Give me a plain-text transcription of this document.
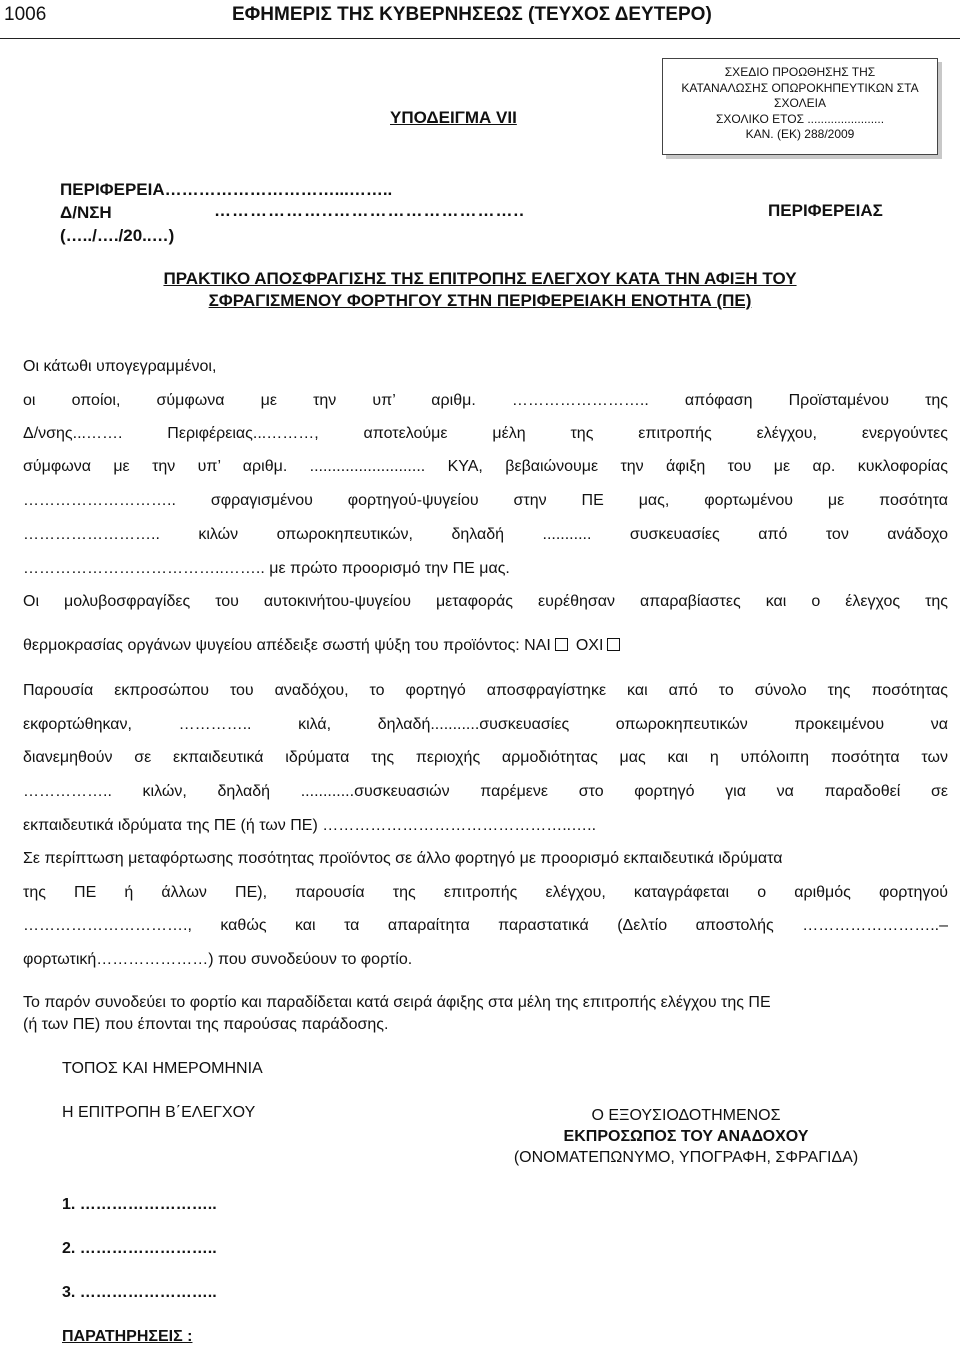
1006	ΕΦΗΜΕΡΙΣ ΤΗΣ ΚΥΒΕΡΝΗΣΕΩΣ (ΤΕΥΧΟΣ ΔΕΥΤΕΡΟ)
ΣΧΕΔΙΟ ΠΡΟΩΘΗΣΗΣ ΤΗΣ
ΚΑΤΑΝΑΛΩΣΗΣ ΟΠΩΡΟΚΗΠΕΥΤΙΚΩΝ ΣΤΑ
ΣΧΟΛΕΙΑ
ΣΧΟΛΙΚΟ ΕΤΟΣ .......................
ΚΑΝ. (ΕΚ) 288/2009
ΥΠΟΔΕΙΓΜΑ VII
ΠΕΡΙΦΕΡΕΙΑ…………………………...……..
Δ/ΝΣΗ
(…../…./20..…)
………………..…………………………..	ΠΕΡΙΦΕΡΕΙΑΣ
ΠΡΑΚΤΙΚΟ ΑΠΟΣΦΡΑΓΙΣΗΣ ΤΗΣ ΕΠΙΤΡΟΠΗΣ ΕΛΕΓΧΟΥ ΚΑΤΑ ΤΗΝ ΑΦΙΞΗ ΤΟΥ
ΣΦΡΑΓΙΣΜΕΝΟΥ ΦΟΡΤΗΓΟΥ ΣΤΗΝ ΠΕΡΙΦΕΡΕΙΑΚΗ ΕΝΟΤΗΤΑ (ΠΕ)
Οι κάτωθι υπογεγραμμένοι,
οι οποίοι, σύμφωνα με την υπ’ αριθμ. …………………….. απόφαση Προϊσταμένου της
Δ/νσης...……. Περιφέρειας...………, αποτελούμε μέλη της επιτροπής ελέγχου, ενεργούντες
σύμφωνα με την υπ’ αριθμ. .......................... ΚΥΑ, βεβαιώνουμε την άφιξη του με αρ. κυκλοφορίας
……………………….. σφραγισμένου φορτηγού-ψυγείου στην ΠΕ μας, φορτωμένου με ποσότητα
…………………….. κιλών οπωροκηπευτικών, δηλαδή ........... συσκευασίες από τον ανάδοχο
………………………………..…….. με πρώτο προορισμό την ΠΕ μας.
Οι μολυβοσφραγίδες του αυτοκινήτου-ψυγείου μεταφοράς ευρέθησαν απαραβίαστες και ο έλεγχος της
θερμοκρασίας οργάνων ψυγείου απέδειξε σωστή ψύξη του προϊόντος: ΝΑΙ ΟΧΙ
Παρουσία εκπροσώπου του αναδόχου, το φορτηγό αποσφραγίστηκε και από το σύνολο της ποσότητας
εκφορτώθηκαν, ………….. κιλά, δηλαδή...........συσκευασίες οπωροκηπευτικών προκειμένου να
διανεμηθούν σε εκπαιδευτικά ιδρύματα της περιοχής αρμοδιότητας μας και η υπόλοιπη ποσότητα των
…………….. κιλών, δηλαδή ............συσκευασιών παρέμενε στο φορτηγό για να παραδοθεί σε
εκπαιδευτικά ιδρύματα της ΠΕ (ή των ΠΕ) ………………………………………..…..
Σε περίπτωση μεταφόρτωσης ποσότητας προϊόντος σε άλλο φορτηγό με προορισμό εκπαιδευτικά ιδρύματα
της ΠΕ ή άλλων ΠΕ), παρουσία της επιτροπής ελέγχου, καταγράφεται ο αριθμός φορτηγού
…………………………., καθώς και τα απαραίτητα παραστατικά (Δελτίο αποστολής ……………………..–
φορτωτική…………………) που συνοδεύουν το φορτίο.
Το παρόν συνοδεύει το φορτίο και παραδίδεται κατά σειρά άφιξης στα μέλη της επιτροπής ελέγχου της ΠΕ
(ή των ΠΕ) που έπονται της παρούσας παράδοσης.
ΤΟΠΟΣ ΚΑΙ ΗΜΕΡΟΜΗΝΙΑ
Η ΕΠΙΤΡΟΠΗ Β΄ΕΛΕΓΧΟΥ	Ο ΕΞΟΥΣΙΟΔΟΤΗΜΕΝΟΣ
ΕΚΠΡΟΣΩΠΟΣ ΤΟΥ ΑΝΑΔΟΧΟΥ
(ΟΝΟΜΑΤΕΠΩΝΥΜΟ, ΥΠΟΓΡΑΦΗ, ΣΦΡΑΓΙΔΑ)
1. ……………………..
2. ……………………..
3. ……………………..
ΠΑΡΑΤΗΡΗΣΕΙΣ :
